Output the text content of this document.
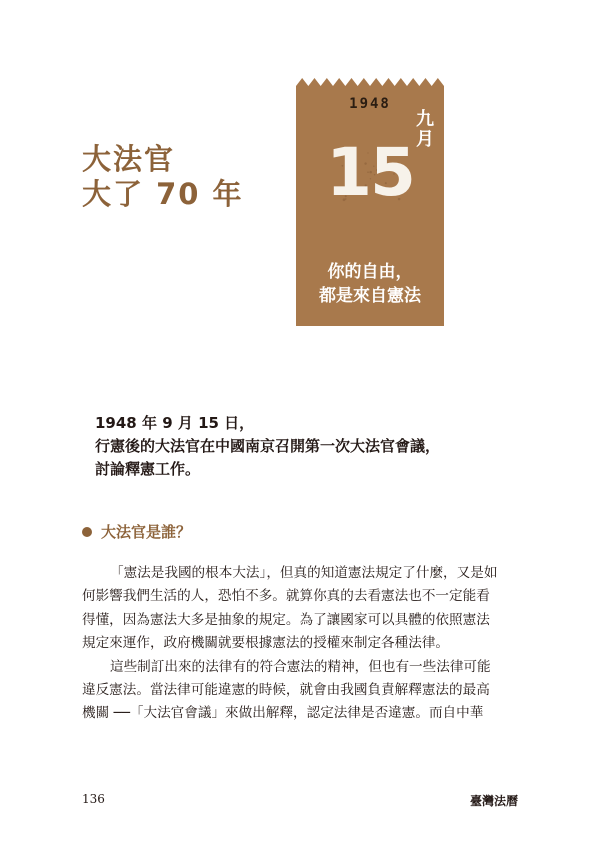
大法官
大了 70 年
1948
九月
15
你的自由，
都是來自憲法
1948 年 9 月 15 日，
行憲後的大法官在中國南京召開第一次大法官會議，
討論釋憲工作。
大法官是誰？
「憲法是我國的根本大法」，但真的知道憲法規定了什麼，又是如
何影響我們生活的人，恐怕不多。就算你真的去看憲法也不一定能看
得懂，因為憲法大多是抽象的規定。為了讓國家可以具體的依照憲法
規定來運作，政府機關就要根據憲法的授權來制定各種法律。
這些制訂出來的法律有的符合憲法的精神，但也有一些法律可能
違反憲法。當法律可能違憲的時候，就會由我國負責解釋憲法的最高
機關 ──「大法官會議」來做出解釋，認定法律是否違憲。而自中華
136	臺灣法曆
